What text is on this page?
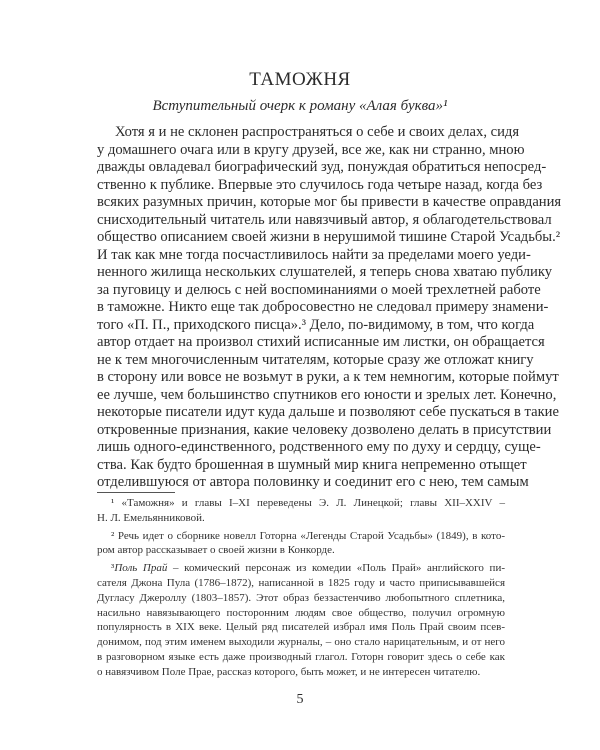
ТАМОЖНЯ
Вступительный очерк к роману «Алая буква»¹
Хотя я и не склонен распространяться о себе и своих делах, сидя
у домашнего очага или в кругу друзей, все же, как ни странно, мною
дважды овладевал биографический зуд, понуждая обратиться непосред-
ственно к публике. Впервые это случилось года четыре назад, когда без
всяких разумных причин, которые мог бы привести в качестве оправдания
снисходительный читатель или навязчивый автор, я облагодетельствовал
общество описанием своей жизни в нерушимой тишине Старой Усадьбы.²
И так как мне тогда посчастливилось найти за пределами моего уеди-
ненного жилища нескольких слушателей, я теперь снова хватаю публику
за пуговицу и делюсь с ней воспоминаниями о моей трехлетней работе
в таможне. Никто еще так добросовестно не следовал примеру знамени-
того «П. П., приходского писца».³ Дело, по-видимому, в том, что когда
автор отдает на произвол стихий исписанные им листки, он обращается
не к тем многочисленным читателям, которые сразу же отложат книгу
в сторону или вовсе не возьмут в руки, а к тем немногим, которые поймут
ее лучше, чем большинство спутников его юности и зрелых лет. Конечно,
некоторые писатели идут куда дальше и позволяют себе пускаться в такие
откровенные признания, какие человеку дозволено делать в присутствии
лишь одного-единственного, родственного ему по духу и сердцу, суще-
ства. Как будто брошенная в шумный мир книга непременно отыщет
отделившуюся от автора половинку и соединит его с нею, тем самым
¹ «Таможня» и главы I–XI переведены Э. Л. Линецкой; главы XII–XXIV –
Н. Л. Емельянниковой.
² Речь идет о сборнике новелл Готорна «Легенды Старой Усадьбы» (1849), в кото-
ром автор рассказывает о своей жизни в Конкорде.
³Поль Прай – комический персонаж из комедии «Поль Прай» английского пи-
сателя Джона Пула (1786–1872), написанной в 1825 году и часто приписывавшейся
Дугласу Джероллу (1803–1857). Этот образ беззастенчиво любопытного сплетника,
насильно навязывающего посторонним людям свое общество, получил огромную
популярность в XIX веке. Целый ряд писателей избрал имя Поль Прай своим псев-
донимом, под этим именем выходили журналы, – оно стало нарицательным, и от него
в разговорном языке есть даже производный глагол. Готорн говорит здесь о себе как
о навязчивом Поле Прае, рассказ которого, быть может, и не интересен читателю.
5
